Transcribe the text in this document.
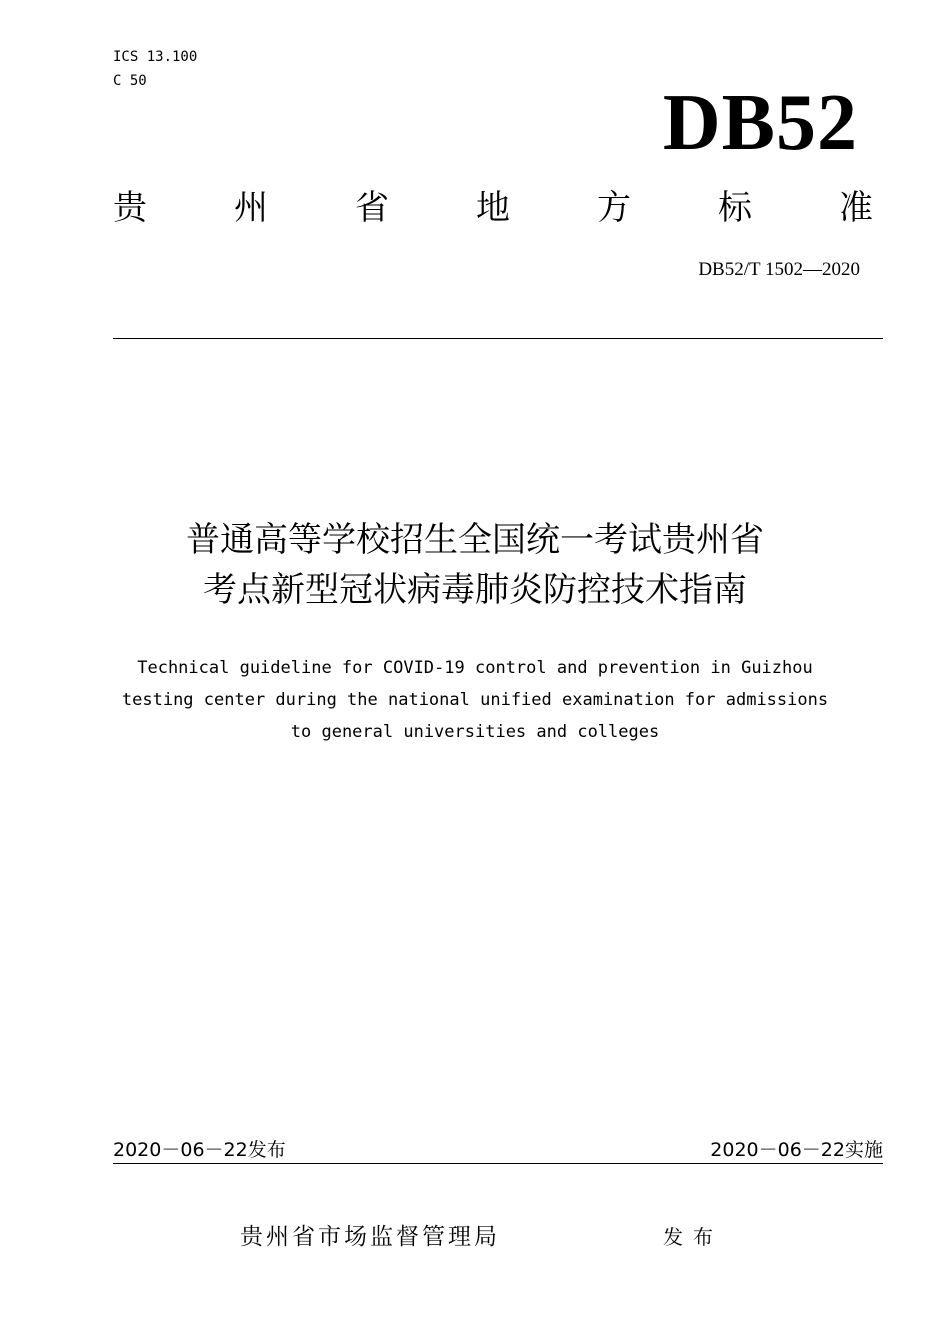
ICS 13.100
C 50	DB52
贵	州	省	地	方	标	准
DB52/T 1502—2020
普通高等学校招生全国统一考试贵州省
考点新型冠状病毒肺炎防控技术指南
Technical guideline for COVID-19 control and prevention in Guizhou
testing center during the national unified examination for admissions
to general universities and colleges
2020－06－22发布	2020－06－22实施
贵州省市场监督管理局	发布
